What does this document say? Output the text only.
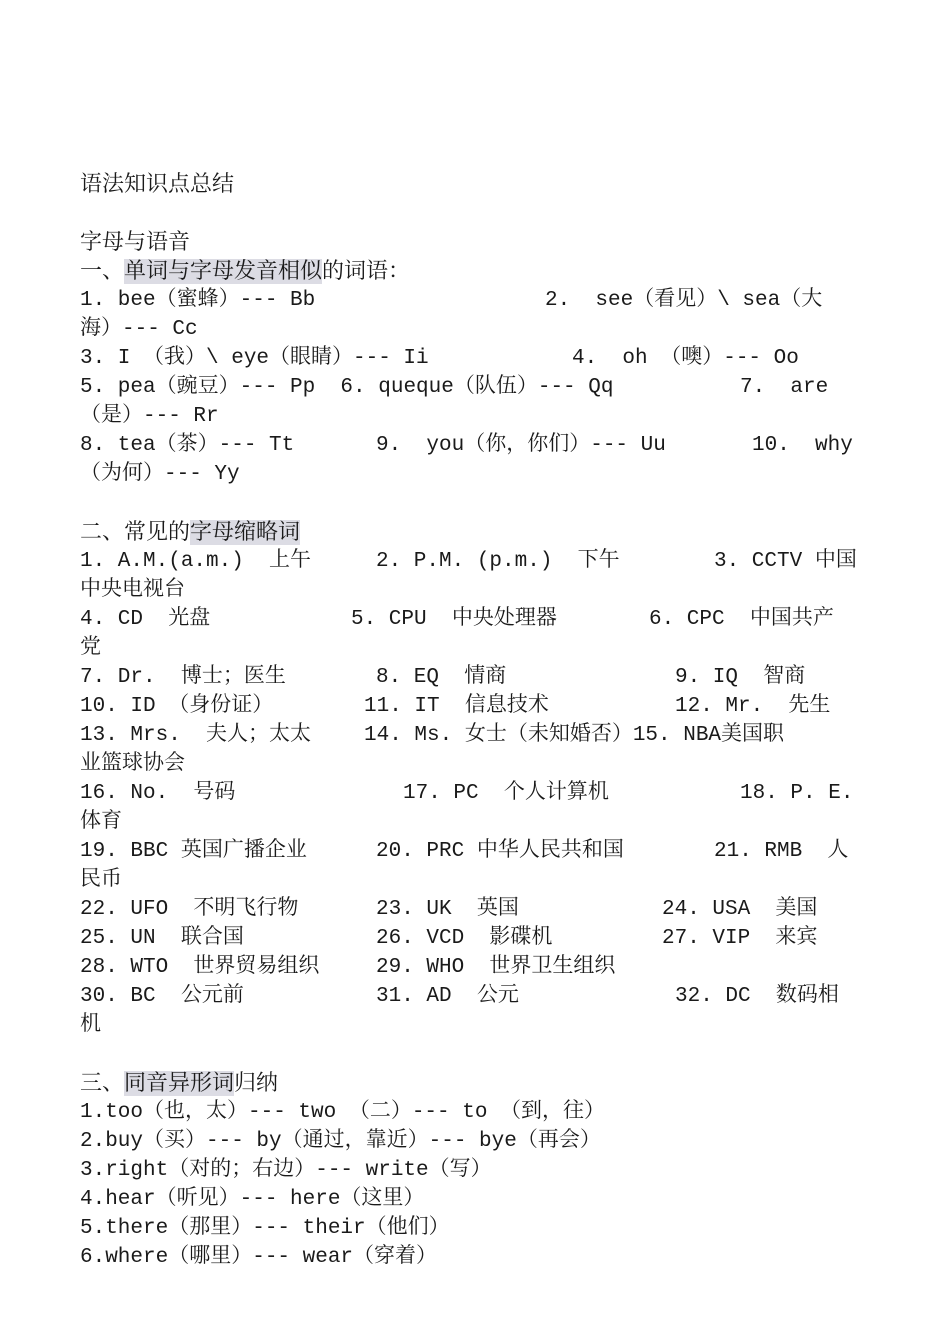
语法知识点总结
字母与语音
一、单词与字母发音相似的词语：

1. bee（蜜蜂）--- Bb

	2.  see（看见）\ sea（大

海）--- Cc

3. I （我）\ eye（眼睛）--- Ii

	4.  oh （噢）--- Oo

5. pea（豌豆）--- Pp  6. queque（队伍）--- Qq

	7.  are

（是）--- Rr

8. tea（茶）--- Tt

	9.  you（你，你们）--- Uu

	10.  why

（为何）--- Yy

二、常见的字母缩略词

1. A.M.(a.m.)  上午

	2. P.M. (p.m.)  下午

	3. CCTV 中国

中央电视台

4. CD  光盘

	5. CPU  中央处理器

	6. CPC  中国共产

党

7. Dr.  博士；医生

	8. EQ  情商

	9. IQ  智商

10. ID （身份证）

	11. IT  信息技术

	12. Mr.  先生

13. Mrs.  夫人；太太

	14. Ms. 女士（未知婚否）15. NBA美国职

业篮球协会

16. No.  号码

	17. PC  个人计算机

	18. P. E.

体育

19. BBC 英国广播企业

	20. PRC 中华人民共和国

	21. RMB  人

民币

22. UFO  不明飞行物

	23. UK  英国

	24. USA  美国

25. UN  联合国

	26. VCD  影碟机

	27. VIP  来宾

28. WTO  世界贸易组织

	29. WHO  世界卫生组织

30. BC  公元前

	31. AD  公元

	32. DC  数码相

机

三、同音异形词归纳
1.too（也，太）--- two （二）--- to （到，往）
2.buy（买）--- by（通过，靠近）--- bye（再会）
3.right（对的；右边）--- write（写）
4.hear（听见）--- here（这里）
5.there（那里）--- their（他们）
6.where（哪里）--- wear（穿着）
